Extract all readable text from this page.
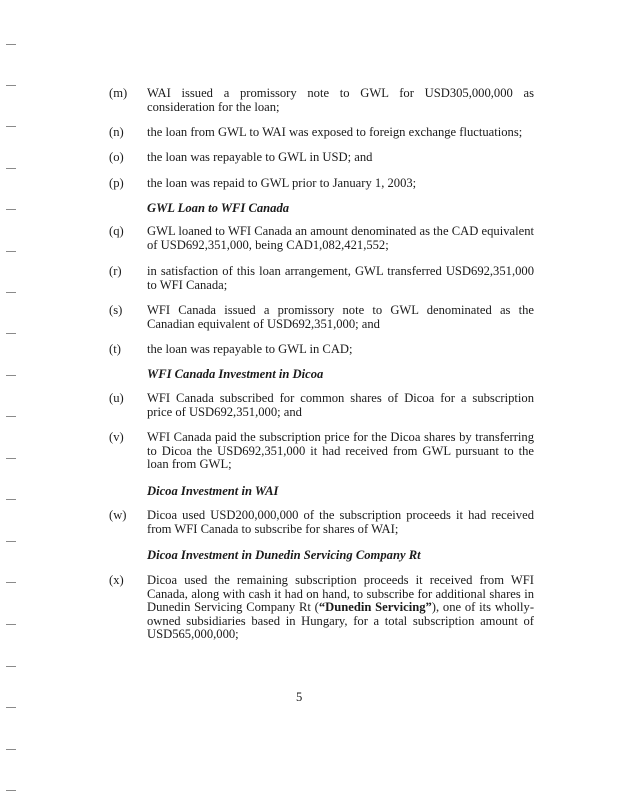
(m)	WAI issued a promissory note to GWL for USD305,000,000 as consideration for the loan;
(n)	the loan from GWL to WAI was exposed to foreign exchange fluctuations;
(o)	the loan was repayable to GWL in USD; and
(p)	the loan was repaid to GWL prior to January 1, 2003;
GWL Loan to WFI Canada
(q)	GWL loaned to WFI Canada an amount denominated as the CAD equivalent of USD692,351,000, being CAD1,082,421,552;
(r)	in satisfaction of this loan arrangement, GWL transferred USD692,351,000 to WFI Canada;
(s)	WFI Canada issued a promissory note to GWL denominated as the Canadian equivalent of USD692,351,000; and
(t)	the loan was repayable to GWL in CAD;
WFI Canada Investment in Dicoa
(u)	WFI Canada subscribed for common shares of Dicoa for a subscription price of USD692,351,000; and
(v)	WFI Canada paid the subscription price for the Dicoa shares by transferring to Dicoa the USD692,351,000 it had received from GWL pursuant to the loan from GWL;
Dicoa Investment in WAI
(w)	Dicoa used USD200,000,000 of the subscription proceeds it had received from WFI Canada to subscribe for shares of WAI;
Dicoa Investment in Dunedin Servicing Company Rt
(x)	Dicoa used the remaining subscription proceeds it received from WFI Canada, along with cash it had on hand, to subscribe for additional shares in Dunedin Servicing Company Rt (“Dunedin Servicing”), one of its wholly-owned subsidiaries based in Hungary, for a total subscription amount of USD565,000,000;
5
